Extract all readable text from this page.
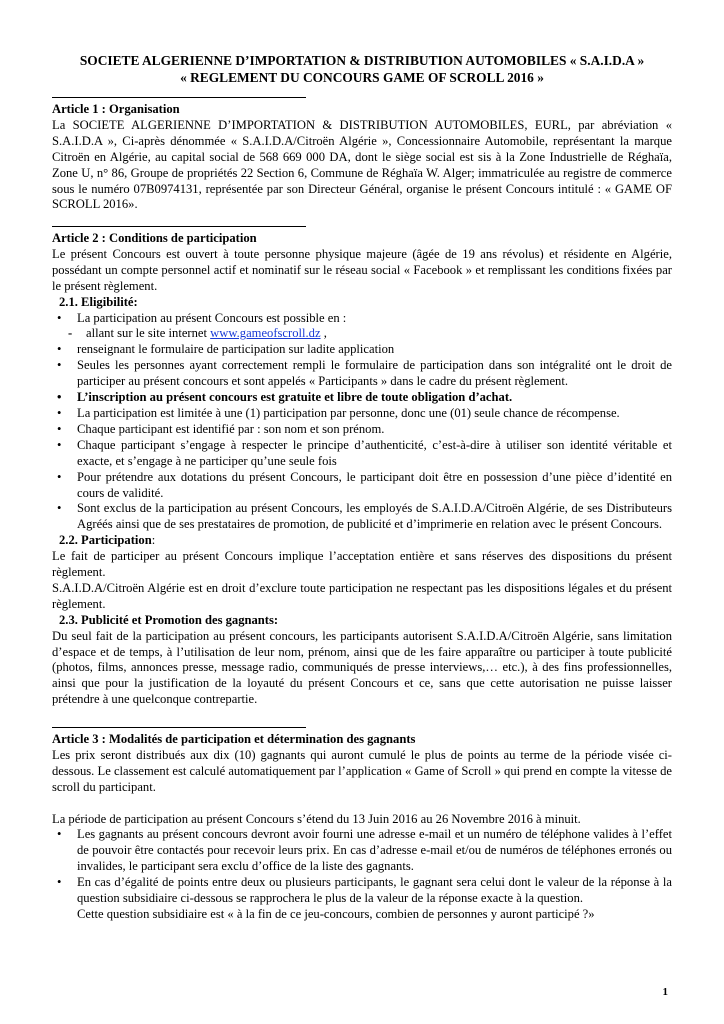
SOCIETE ALGERIENNE D’IMPORTATION & DISTRIBUTION AUTOMOBILES « S.A.I.D.A »
« REGLEMENT DU CONCOURS GAME OF SCROLL 2016 »
Article 1 : Organisation
La SOCIETE ALGERIENNE D’IMPORTATION & DISTRIBUTION AUTOMOBILES, EURL, par abréviation « S.A.I.D.A », Ci-après dénommée « S.A.I.D.A/Citroën Algérie », Concessionnaire Automobile, représentant la marque Citroën en Algérie, au capital social de 568 669 000 DA, dont le siège social est sis à la Zone Industrielle de Réghaïa, Zone U, n° 86, Groupe de propriétés 22 Section 6, Commune de Réghaïa W. Alger; immatriculée au registre de commerce sous le numéro 07B0974131, représentée par son Directeur Général, organise le présent Concours intitulé : « GAME OF SCROLL 2016».
Article 2 : Conditions de participation
Le présent Concours est ouvert à toute personne physique majeure (âgée de 19 ans révolus) et résidente en Algérie, possédant un compte personnel actif et nominatif sur le réseau social « Facebook » et remplissant les conditions fixées par le présent règlement.
2.1. Eligibilité:
•	La participation au présent Concours est possible en :
- allant sur le site internet www.gameofscroll.dz ,
•	renseignant le formulaire de participation sur ladite application
•	Seules les personnes ayant correctement rempli le formulaire de participation dans son intégralité ont le droit de participer au présent concours et sont appelés « Participants » dans le cadre du présent règlement.
•	L’inscription au présent concours est gratuite et libre de toute obligation d’achat.
•	La participation est limitée à une (1) participation par personne, donc une (01) seule chance de récompense.
•	Chaque participant est identifié par : son nom et son prénom.
•	Chaque participant s’engage à respecter le principe d’authenticité, c’est-à-dire à utiliser son identité véritable et exacte, et s’engage à ne participer qu’une seule fois
•	Pour prétendre aux dotations du présent Concours, le participant doit être en possession d’une pièce d’identité en cours de validité.
•	Sont exclus de la participation au présent Concours, les employés de S.A.I.D.A/Citroën Algérie, de ses Distributeurs Agréés ainsi que de ses prestataires de promotion, de publicité et d’imprimerie en relation avec le présent Concours.
2.2. Participation:
Le fait de participer au présent Concours implique l’acceptation entière et sans réserves des dispositions du présent règlement.
S.A.I.D.A/Citroën Algérie est en droit d’exclure toute participation ne respectant pas les dispositions légales et du présent règlement.
2.3. Publicité et Promotion des gagnants:
Du seul fait de la participation au présent concours, les participants autorisent S.A.I.D.A/Citroën Algérie, sans limitation d’espace et de temps, à l’utilisation de leur nom, prénom, ainsi que de les faire apparaître ou participer à toute publicité (photos, films, annonces presse, message radio, communiqués de presse interviews,… etc.), à des fins professionnelles, ainsi que pour la justification de la loyauté du présent Concours et ce, sans que cette autorisation ne puisse laisser prétendre à une quelconque contrepartie.
Article 3 : Modalités de participation et détermination des gagnants
Les prix seront distribués aux dix (10) gagnants qui auront cumulé le plus de points au terme de la période visée ci-dessous. Le classement est calculé automatiquement par l’application « Game of Scroll » qui prend en compte la vitesse de scroll du participant.
La période de participation au présent Concours s’étend du 13 Juin 2016 au 26 Novembre 2016 à minuit.
•	Les gagnants au présent concours devront avoir fourni une adresse e-mail et un numéro de téléphone valides à l’effet de pouvoir être contactés pour recevoir leurs prix. En cas d’adresse e-mail et/ou de numéros de téléphones erronés ou invalides, le participant sera exclu d’office de la liste des gagnants.
•	En cas d’égalité de points entre deux ou plusieurs participants, le gagnant sera celui dont le valeur de la réponse à la question subsidiaire ci-dessous se rapprochera le plus de la valeur de la réponse exacte à la question.
Cette question subsidiaire est « à la fin de ce jeu-concours, combien de personnes y auront participé ?»
1
